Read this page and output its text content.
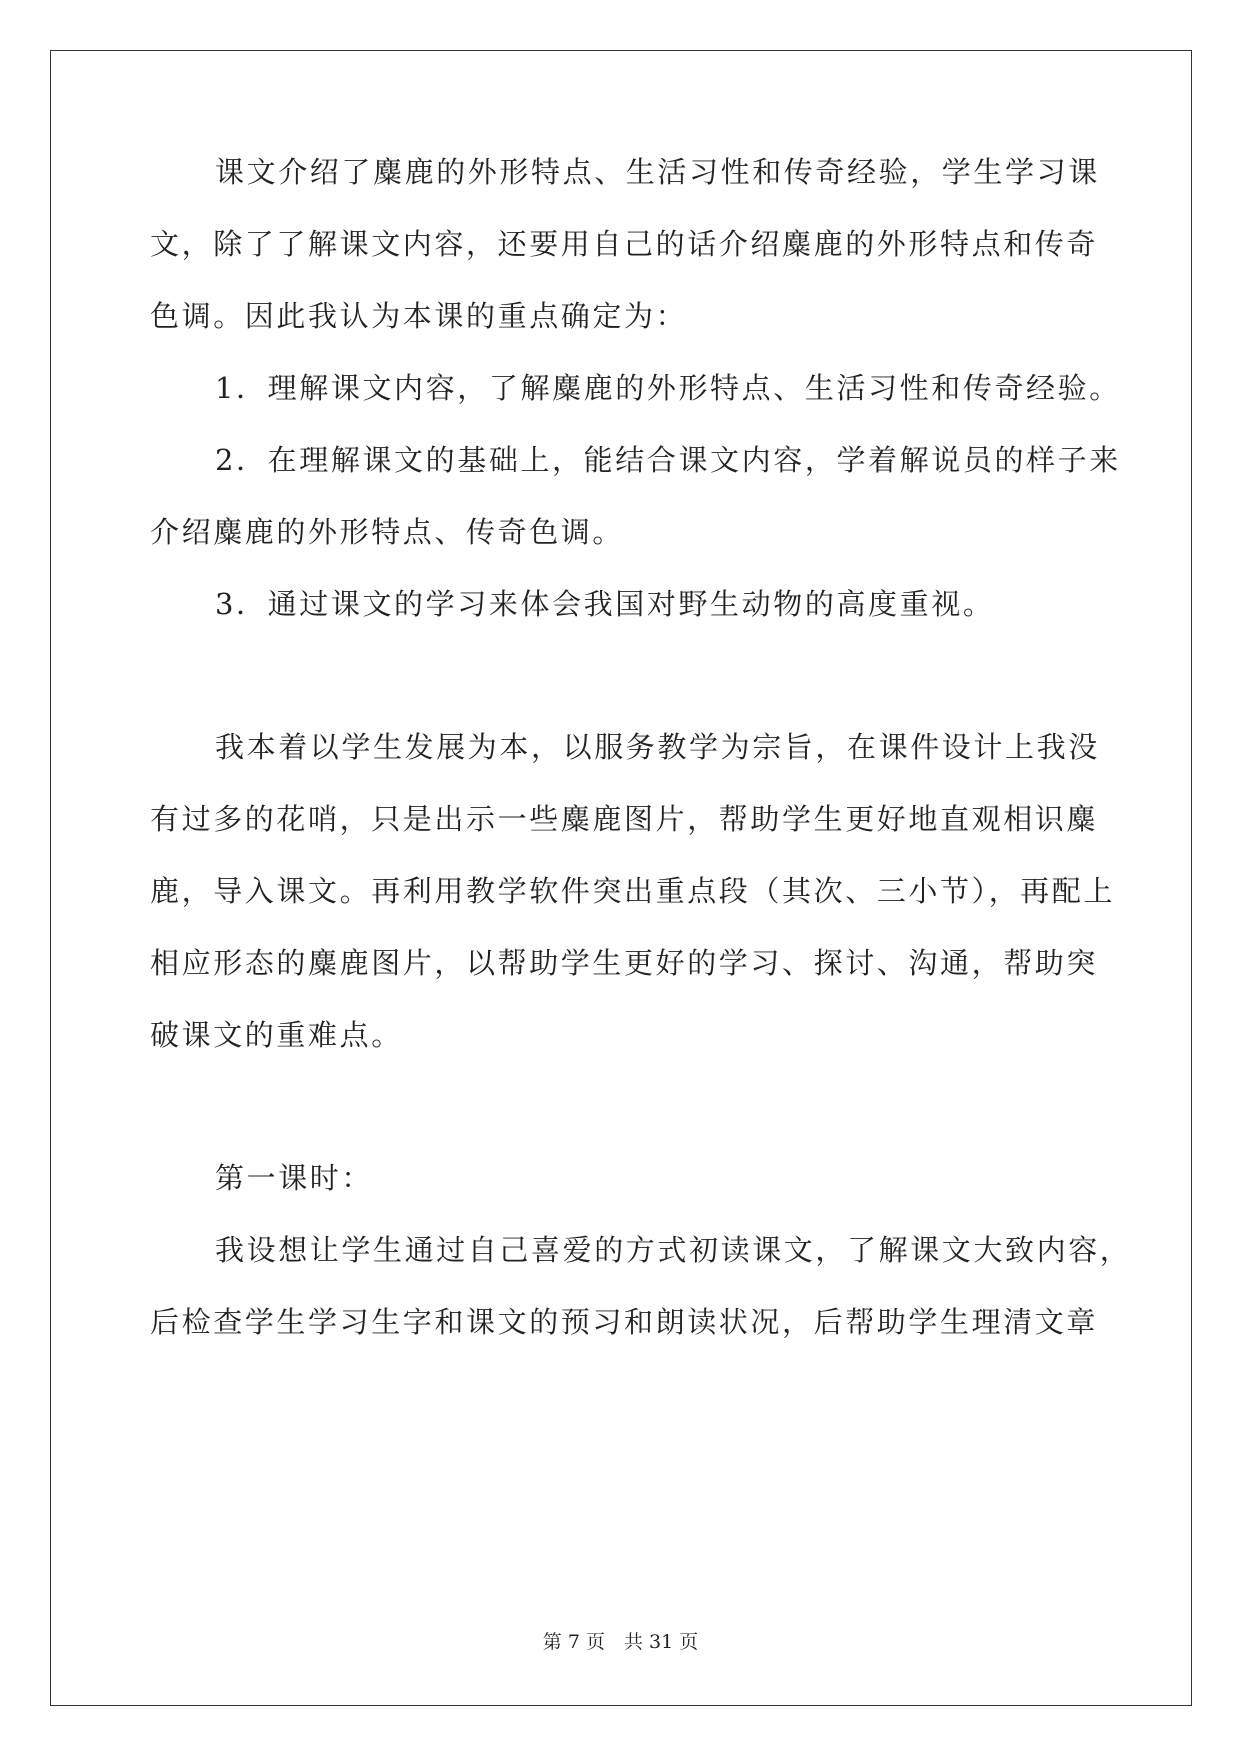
课文介绍了麋鹿的外形特点、生活习性和传奇经验，学生学习课
文，除了了解课文内容，还要用自己的话介绍麋鹿的外形特点和传奇
色调。因此我认为本课的重点确定为：
1．理解课文内容，了解麋鹿的外形特点、生活习性和传奇经验。
2．在理解课文的基础上，能结合课文内容，学着解说员的样子来
介绍麋鹿的外形特点、传奇色调。
3．通过课文的学习来体会我国对野生动物的高度重视。
我本着以学生发展为本，以服务教学为宗旨，在课件设计上我没
有过多的花哨，只是出示一些麋鹿图片，帮助学生更好地直观相识麋
鹿，导入课文。再利用教学软件突出重点段（其次、三小节），再配上
相应形态的麋鹿图片，以帮助学生更好的学习、探讨、沟通，帮助突
破课文的重难点。
第一课时：
我设想让学生通过自己喜爱的方式初读课文，了解课文大致内容，
后检查学生学习生字和课文的预习和朗读状况，后帮助学生理清文章
第 7 页　共 31 页
